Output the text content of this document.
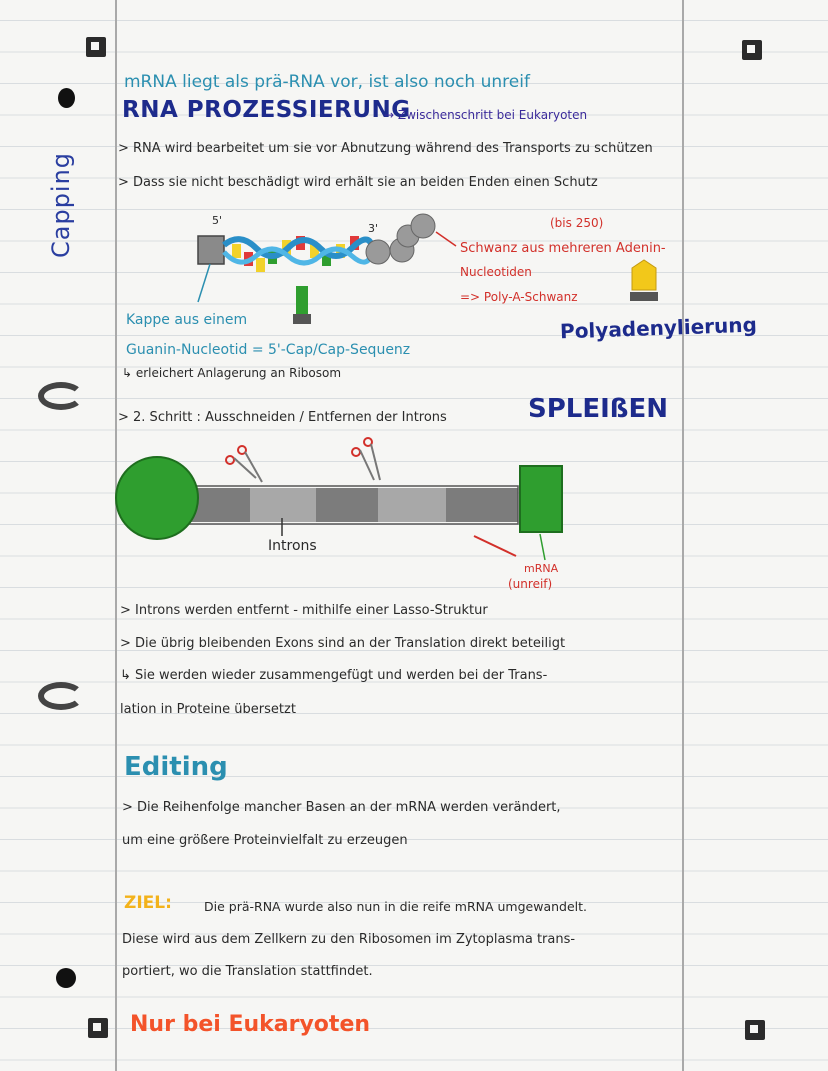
mRNA liegt als prä-RNA vor, ist also noch unreif
RNA PROZESSIERUNG
→ Zwischenschritt bei Eukaryoten
> RNA wird bearbeitet um sie vor Abnutzung während des Transports zu schützen
> Dass sie nicht beschädigt wird erhält sie an beiden Enden einen Schutz
Capping	5'
3'	(bis 250)
Schwanz aus mehreren Adenin-
Nucleotiden
=> Poly-A-Schwanz
Kappe aus einem	Polyadenylierung
Guanin-Nucleotid = 5'-Cap/Cap-Sequenz
↳ erleichert Anlagerung an Ribosom
> 2. Schritt : Ausschneiden / Entfernen der Introns	SPLEIßEN
Introns
mRNA
(unreif)
> Introns werden entfernt - mithilfe einer Lasso-Struktur
> Die übrig bleibenden Exons sind an der Translation direkt beteiligt
↳ Sie werden wieder zusammengefügt und werden bei der Trans-
lation in Proteine übersetzt
Editing
> Die Reihenfolge mancher Basen an der mRNA werden verändert,
um eine größere Proteinvielfalt zu erzeugen
ZIEL:	Die prä-RNA wurde also nun in die reife mRNA umgewandelt.
Diese wird aus dem Zellkern zu den Ribosomen im Zytoplasma trans-
portiert, wo die Translation stattfindet.
Nur bei Eukaryoten
